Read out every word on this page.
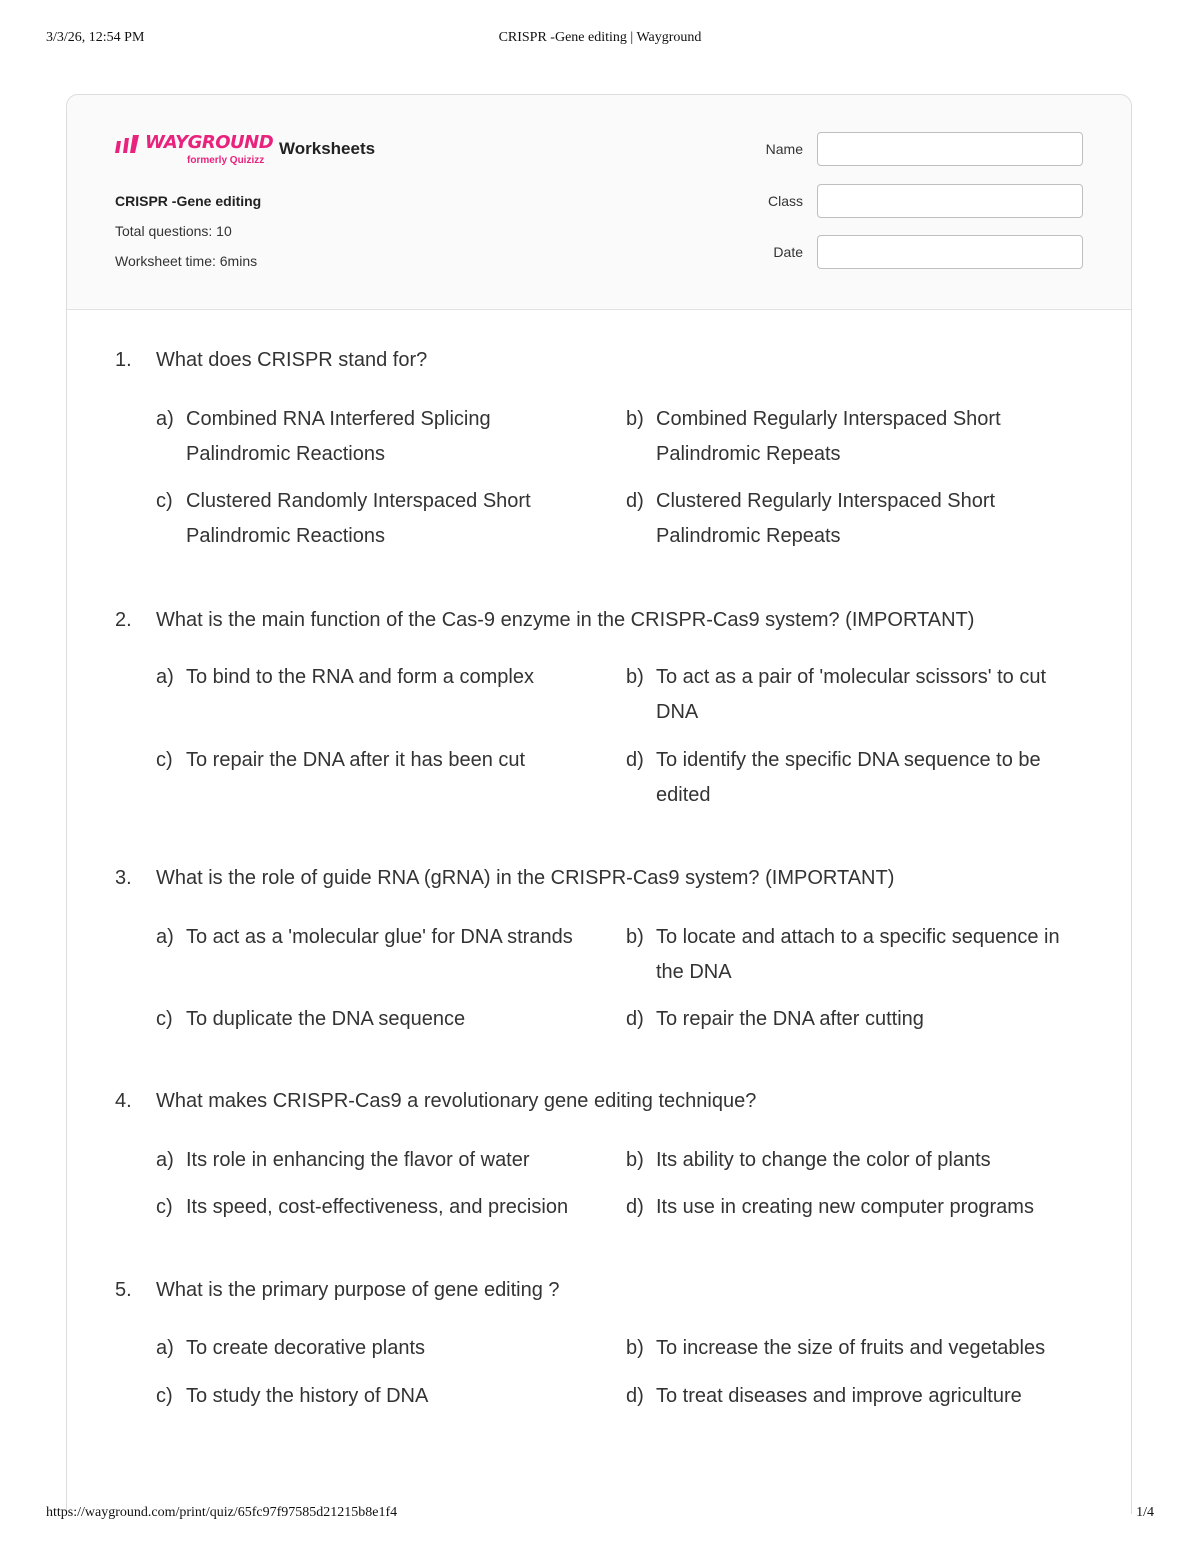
3/3/26, 12:54 PM	CRISPR -Gene editing | Wayground
WAYGROUND
formerly Quizizz
Worksheets
CRISPR -Gene editing
Total questions: 10
Worksheet time: 6mins
Name
Class
Date
1. What does CRISPR stand for?
a) Combined RNA Interfered Splicing Palindromic Reactions
b) Combined Regularly Interspaced Short Palindromic Repeats
c) Clustered Randomly Interspaced Short Palindromic Reactions
d) Clustered Regularly Interspaced Short Palindromic Repeats
2. What is the main function of the Cas-9 enzyme in the CRISPR-Cas9 system? (IMPORTANT)
a) To bind to the RNA and form a complex	b) To act as a pair of 'molecular scissors' to cut DNA
c) To repair the DNA after it has been cut	d) To identify the specific DNA sequence to be edited
3. What is the role of guide RNA (gRNA) in the CRISPR-Cas9 system? (IMPORTANT)
a) To act as a 'molecular glue' for DNA strands	b) To locate and attach to a specific sequence in the DNA
c) To duplicate the DNA sequence	d) To repair the DNA after cutting
4. What makes CRISPR-Cas9 a revolutionary gene editing technique?
a) Its role in enhancing the flavor of water	b) Its ability to change the color of plants
c) Its speed, cost-effectiveness, and precision	d) Its use in creating new computer programs
5. What is the primary purpose of gene editing ?
a) To create decorative plants	b) To increase the size of fruits and vegetables
c) To study the history of DNA	d) To treat diseases and improve agriculture
https://wayground.com/print/quiz/65fc97f97585d21215b8e1f4	1/4
